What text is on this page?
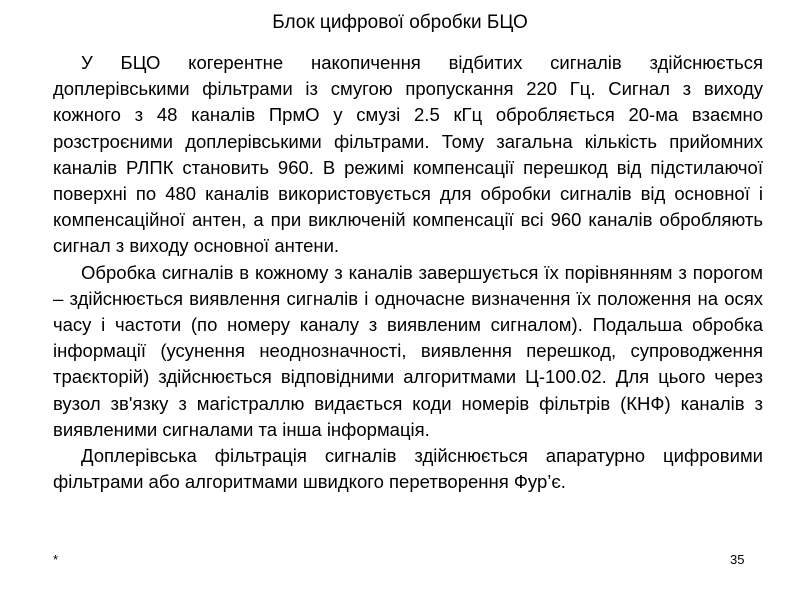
Блок цифрової обробки БЦО

У БЦО когерентне накопичення відбитих сигналів здійснюється доплерівськими фільтрами із смугою пропускання 220 Гц. Сигнал з виходу кожного з 48 каналів ПрмО у смузі 2.5 кГц обробляється 20-ма взаємно розстроєними доплерівськими фільтрами. Тому загальна кількість прийомних каналів РЛПК становить 960. В режимі компенсації перешкод від підстилаючої поверхні по 480 каналів використовується для обробки сигналів від основної і компенсаційної антен, а при виключеній компенсації всі 960 каналів обробляють сигнал з виходу основної антени.

Обробка сигналів в кожному з каналів завершується їх порівнянням з порогом – здійснюється виявлення сигналів і одночасне визначення їх положення на осях часу і частоти (по номеру каналу з виявленим сигналом). Подальша обробка інформації (усунення неоднозначності, виявлення перешкод, супроводження траєкторій) здійснюється відповідними алгоритмами Ц-100.02. Для цього через вузол зв'язку з магістраллю видається коди номерів фільтрів (КНФ) каналів з виявленими сигналами та інша інформація.

Доплерівська фільтрація сигналів здійснюється апаратурно цифровими фільтрами або алгоритмами швидкого перетворення Фур’є.

*	35
